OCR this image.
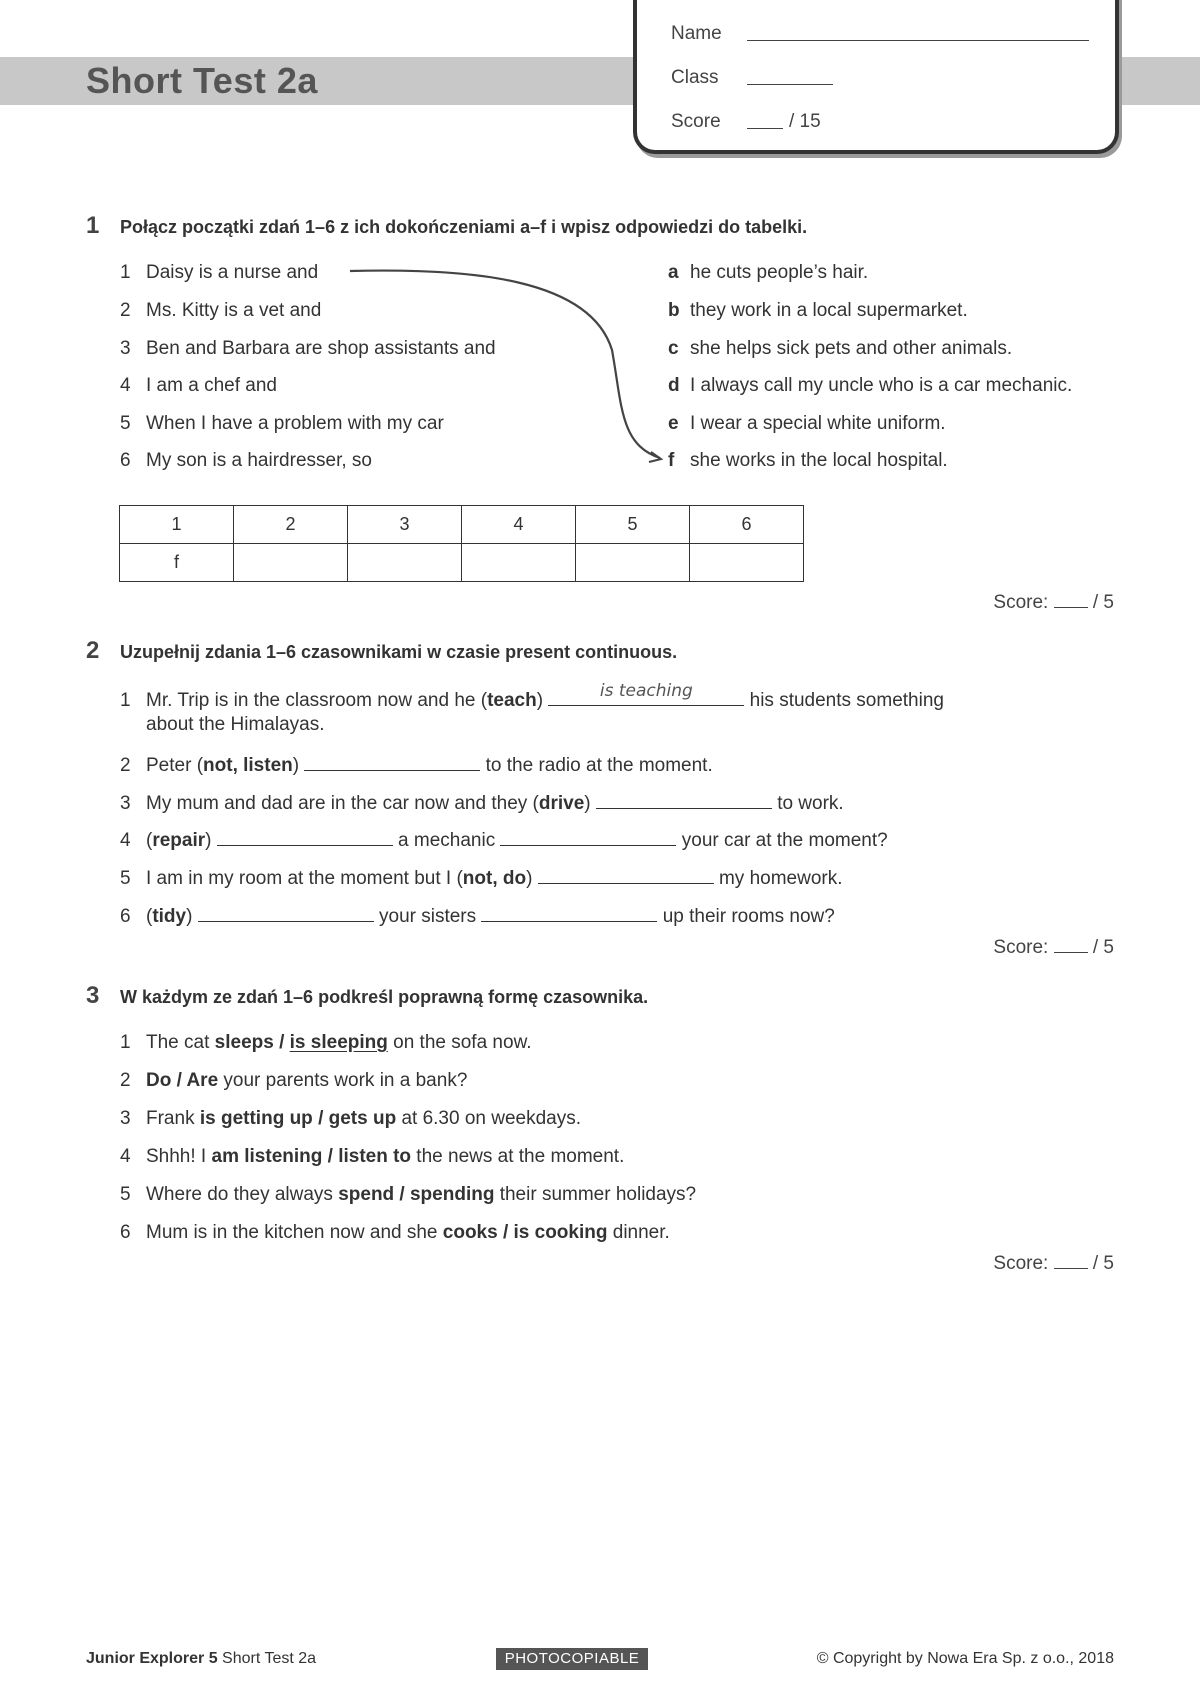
Short Test 2a
Name
Class
Score	/ 15
1 Połącz początki zdań 1–6 z ich dokończeniami a–f i wpisz odpowiedzi do tabelki.
1 Daisy is a nurse and
2 Ms. Kitty is a vet and
3 Ben and Barbara are shop assistants and
4 I am a chef and
5 When I have a problem with my car
6 My son is a hairdresser, so
a he cuts people’s hair.
b they work in a local supermarket.
c she helps sick pets and other animals.
d I always call my uncle who is a car mechanic.
e I wear a special white uniform.
f she works in the local hospital.
1	2	3	4	5	6
f					
Score: / 5
2 Uzupełnij zdania 1–6 czasownikami w czasie present continuous.
1 Mr. Trip is in the classroom now and he (teach)	is teaching	his students something
about the Himalayas.
2 Peter (not, listen)	to the radio at the moment.
3 My mum and dad are in the car now and they (drive)	to work.
4 (repair)	a mechanic	your car at the moment?
5 I am in my room at the moment but I (not, do)	my homework.
6 (tidy)	your sisters	up their rooms now?
Score: / 5
3 W każdym ze zdań 1–6 podkreśl poprawną formę czasownika.
1 The cat sleeps / is sleeping on the sofa now.
2 Do / Are your parents work in a bank?
3 Frank is getting up / gets up at 6.30 on weekdays.
4 Shhh! I am listening / listen to the news at the moment.
5 Where do they always spend / spending their summer holidays?
6 Mum is in the kitchen now and she cooks / is cooking dinner.
Score: / 5
Junior Explorer 5 Short Test 2a	PHOTOCOPIABLE	© Copyright by Nowa Era Sp. z o.o., 2018
